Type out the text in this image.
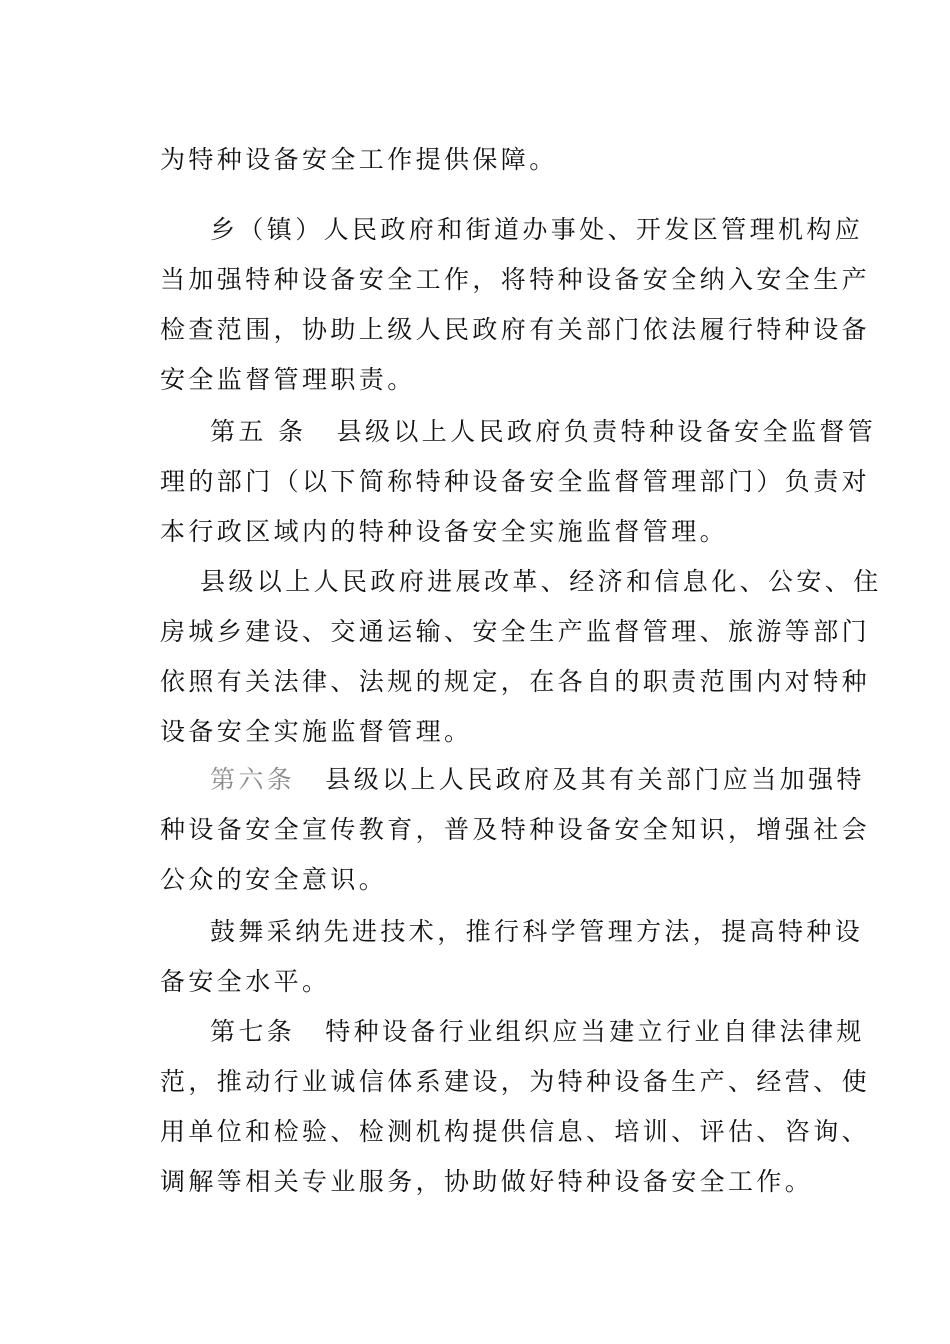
为特种设备安全工作提供保障。
乡（镇）人民政府和街道办事处、开发区管理机构应
当加强特种设备安全工作，将特种设备安全纳入安全生产
检查范围，协助上级人民政府有关部门依法履行特种设备
安全监督管理职责。
第五 条 县级以上人民政府负责特种设备安全监督管
理的部门（以下简称特种设备安全监督管理部门）负责对
本行政区域内的特种设备安全实施监督管理。
县级以上人民政府进展改革、经济和信息化、公安、住
房城乡建设、交通运输、安全生产监督管理、旅游等部门
依照有关法律、法规的规定，在各自的职责范围内对特种
设备安全实施监督管理。
第六条 县级以上人民政府及其有关部门应当加强特
种设备安全宣传教育，普及特种设备安全知识，增强社会
公众的安全意识。
鼓舞采纳先进技术，推行科学管理方法，提高特种设
备安全水平。
第七条 特种设备行业组织应当建立行业自律法律规
范，推动行业诚信体系建设，为特种设备生产、经营、使
用单位和检验、检测机构提供信息、培训、评估、咨询、
调解等相关专业服务，协助做好特种设备安全工作。
